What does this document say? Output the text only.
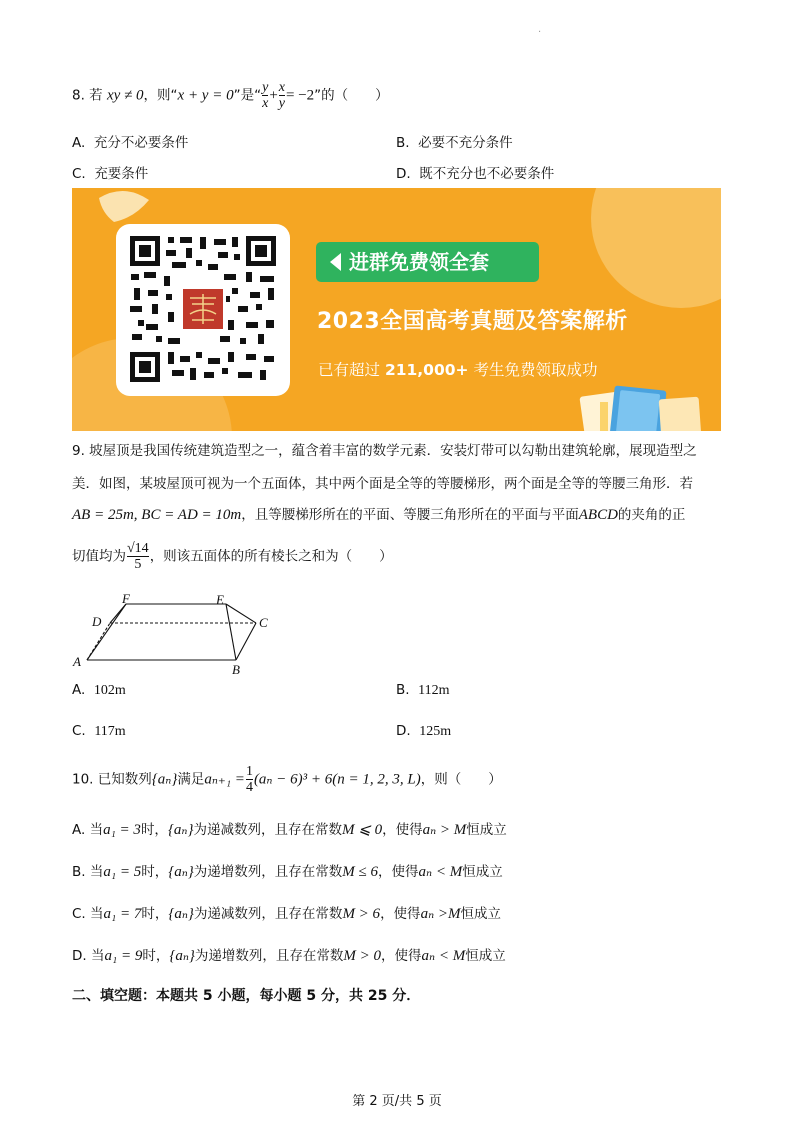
.
8. 若 xy ≠ 0，则“x + y = 0”是“ $\frac{y}{x} + \frac{x}{y} = -2$”的（　　）
A. 充分不必要条件	B. 必要不充分条件
C. 充要条件	D. 既不充分也不必要条件
进群免费领全套
2023全国高考真题及答案解析
已有超过 211,000+ 考生免费领取成功
9. 坡屋顶是我国传统建筑造型之一，蕴含着丰富的数学元素．安装灯带可以勾勒出建筑轮廓，展现造型之
美．如图，某坡屋顶可视为一个五面体，其中两个面是全等的等腰梯形，两个面是全等的等腰三角形．若
AB = 25m, BC = AD = 10m，且等腰梯形所在的平面、等腰三角形所在的平面与平面ABCD的夹角的正
切值均为 $\frac{√14}{5}$ ，则该五面体的所有棱长之和为（　　）
A
B
C
D
E
F
A. 102m	B. 112m
C. 117m	D. 125m
10. 已知数列{aₙ}满足$a_{n+1} = \frac{1}{4} (a_n - 6)^3 + 6(n = 1$, 2, 3, L)，则（　　）
A. 当a₁ = 3时，{aₙ}为递减数列，且存在常数M ⩽ 0，使得aₙ > M恒成立
B. 当a₁ = 5时，{aₙ}为递增数列，且存在常数M ≤ 6，使得aₙ < M恒成立
C. 当a₁ = 7时，{aₙ}为递减数列，且存在常数M > 6，使得aₙ >M恒成立
D. 当a₁ = 9时，{aₙ}为递增数列，且存在常数M > 0，使得aₙ < M恒成立
二、填空题：本题共 5 小题，每小题 5 分，共 25 分．
第 2 页/共 5 页
